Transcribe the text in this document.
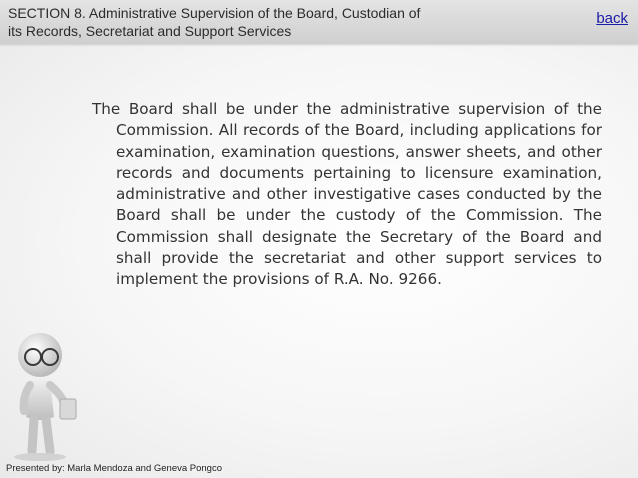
SECTION 8. Administrative Supervision of the Board, Custodian of
its Records, Secretariat and Support Services
back
The Board shall be under the administrative supervision of the Commission. All records of the Board, including applications for examination, examination questions, answer sheets, and other records and documents pertaining to licensure examination, administrative and other investigative cases conducted by the Board shall be under the custody of the Commission. The Commission shall designate the Secretary of the Board and shall provide the secretariat and other support services to implement the provisions of R.A. No. 9266.
Presented by: Marla Mendoza and Geneva Pongco
